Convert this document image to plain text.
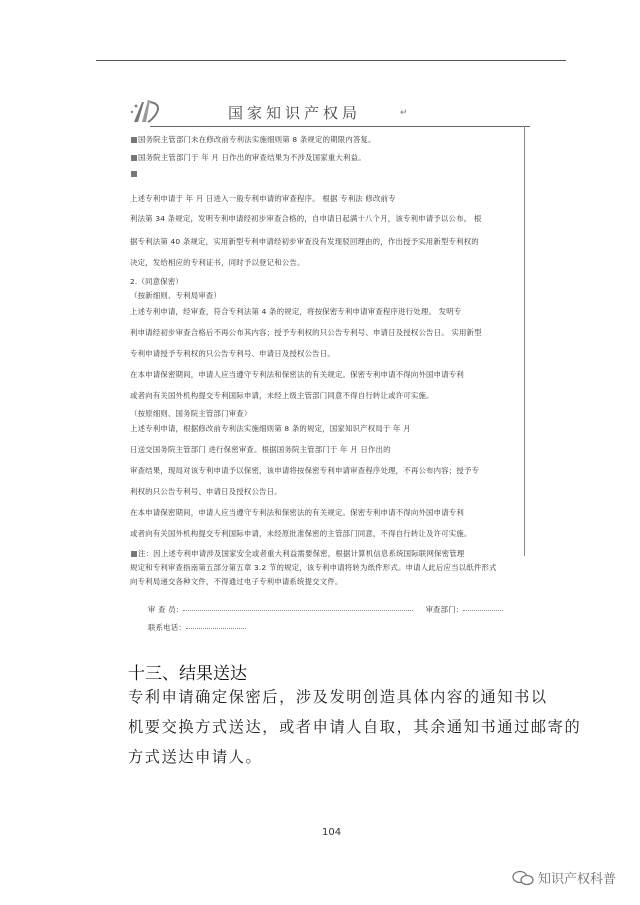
国家知识产权局	↵
国务院主管部门未在修改前专利法实施细则第 8 条规定的期限内答复。
国务院主管部门于 年 月 日作出的审查结果为不涉及国家重大利益。
上述专利申请于 年 月 日进入一般专利申请的审查程序。 根据 专利法 修改前专
利法第 34 条规定，发明专利申请经初步审查合格的，自申请日起满十八个月，该专利申请予以公布。 根
据专利法第 40 条规定，实用新型专利申请经初步审查没有发现驳回理由的，作出授予实用新型专利权的
决定，发给相应的专利证书，同时予以登记和公告。
2.（同意保密）
（按新细则、专利局审查）
上述专利申请，经审查，符合专利法第 4 条的规定，将按保密专利申请审查程序进行处理。 发明专
利申请经初步审查合格后不再公布其内容；授予专利权的只公告专利号、申请日及授权公告日。 实用新型
专利申请授予专利权的只公告专利号、申请日及授权公告日。
在本申请保密期间，申请人应当遵守专利法和保密法的有关规定。保密专利申请不得向外国申请专利
或者向有关国外机构提交专利国际申请，未经上级主管部门同意不得自行转让或许可实施。
（按原细则、国务院主管部门审查）
上述专利申请，根据修改前专利法实施细则第 8 条的规定，国家知识产权局于 年 月
日送交国务院主管部门 进行保密审查。根据国务院主管部门于 年 月 日作出的
审查结果，现局对该专利申请予以保密，该申请将按保密专利申请审查程序处理，不再公布内容；授予专
利权的只公告专利号、申请日及授权公告日。
在本申请保密期间，申请人应当遵守专利法和保密法的有关规定。保密专利申请不得向外国申请专利
或者向有关国外机构提交专利国际申请，未经原批准保密的主管部门同意，不得自行转让及许可实施。
注：因上述专利申请涉及国家安全或者重大利益需要保密，根据计算机信息系统国际联网保密管理
规定和专利审查指南第五部分第五章 3.2 节的规定，该专利申请将转为纸件形式。申请人此后应当以纸件形式
向专利局递交各种文件，不得通过电子专利申请系统提交文件。
审 查 员：	审查部门：
联系电话：
十三、结果送达
专利申请确定保密后，涉及发明创造具体内容的通知书以
机要交换方式送达，或者申请人自取，其余通知书通过邮寄的
方式送达申请人。
104
知识产权科普
